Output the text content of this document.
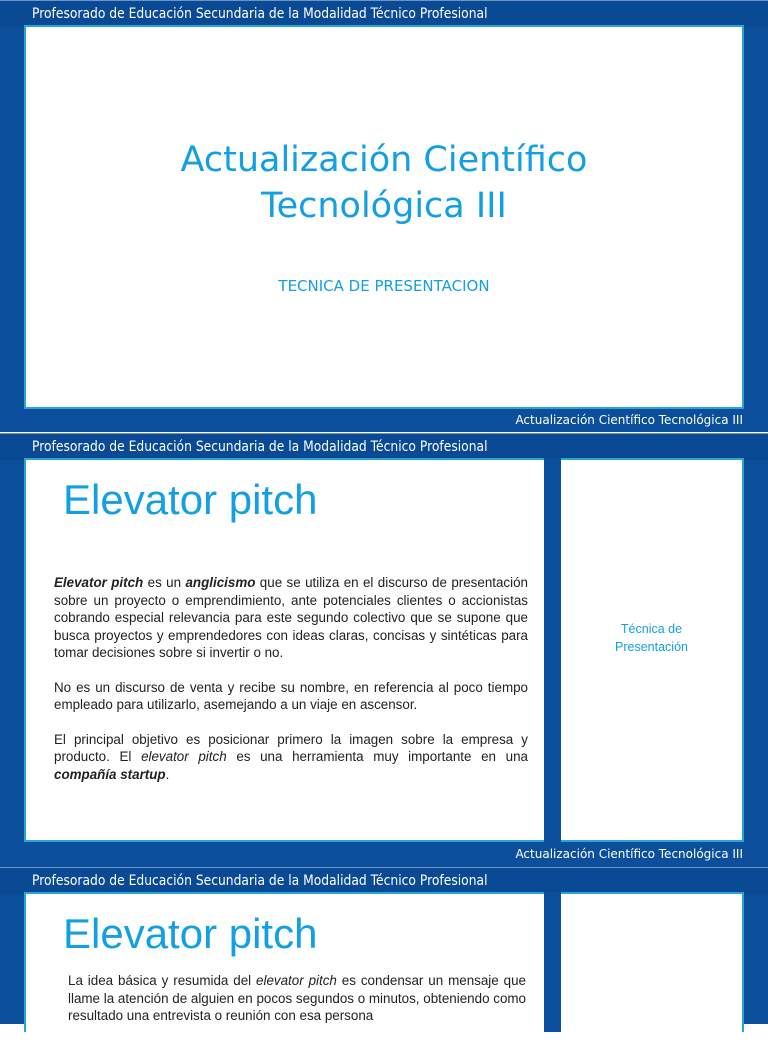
Profesorado de Educación Secundaria de la Modalidad Técnico Profesional
Actualización Científico
Tecnológica III
TECNICA DE PRESENTACION
Actualización Científico Tecnológica III
Profesorado de Educación Secundaria de la Modalidad Técnico Profesional
Elevator pitch

Elevator pitch es un anglicismo que se utiliza en el discurso de presentación sobre un proyecto o emprendimiento, ante potenciales clientes o accionistas cobrando especial relevancia para este segundo colectivo que se supone que busca proyectos y emprendedores con ideas claras, concisas y sintéticas para tomar decisiones sobre si invertir o no.

No es un discurso de venta y recibe su nombre, en referencia al poco tiempo empleado para utilizarlo, asemejando a un viaje en ascensor.

El principal objetivo es posicionar primero la imagen sobre la empresa y producto. El elevator pitch es una herramienta muy importante en una compañía startup.

Técnica de
Presentación
Actualización Científico Tecnológica III
Profesorado de Educación Secundaria de la Modalidad Técnico Profesional
Elevator pitch

La idea básica y resumida del elevator pitch es condensar un mensaje que llame la atención de alguien en pocos segundos o minutos, obteniendo como resultado una entrevista o reunión con esa persona
